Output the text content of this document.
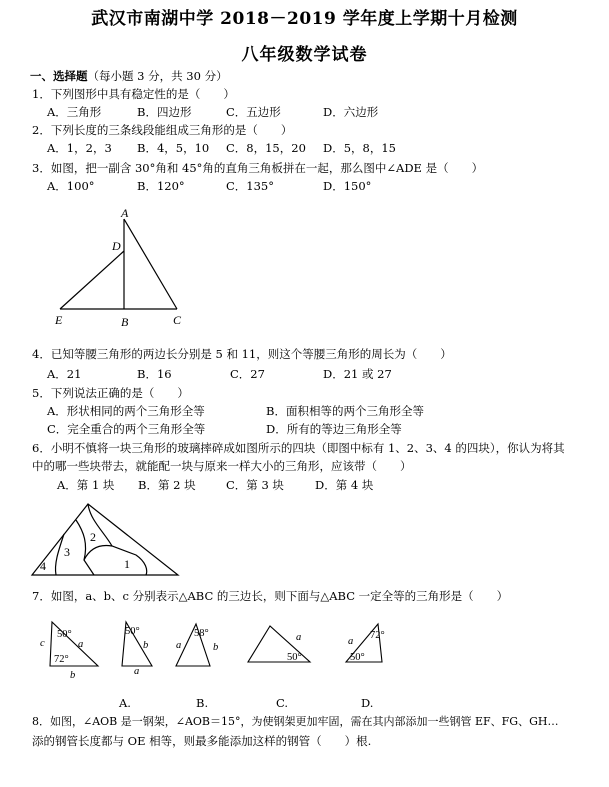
武汉市南湖中学 2018－2019 学年度上学期十月检测
八年级数学试卷
一、选择题（每小题 3 分，共 30 分）
1．下列图形中具有稳定性的是（　　）
A．三角形	B．四边形	C．五边形	D．六边形
2．下列长度的三条线段能组成三角形的是（　　）
A．1，2，3 B．4，5，10 C．8，15，20 D．5，8，15
3．如图，把一副含 30°角和 45°角的直角三角板拼在一起，那么图中∠ADE 是（　　）
A．100°	B．120°	C．135°	D．150°
A
D
E	B	C
4．已知等腰三角形的两边长分别是 5 和 11，则这个等腰三角形的周长为（　　）
A．21	B．16	C．27	D．21 或 27
5．下列说法正确的是（　　）
A．形状相同的两个三角形全等	B．面积相等的两个三角形全等
C．完全重合的两个三角形全等	D．所有的等边三角形全等
6．小明不慎将一块三角形的玻璃摔碎成如图所示的四块（即图中标有 1、2、3、4 的四块），你认为将其
中的哪一些块带去，就能配一块与原来一样大小的三角形，应该带（　　）
A．第 1 块 B．第 2 块	C．第 3 块	D．第 4 块
1
2
3
4
7．如图，a、b、c 分别表示△ABC 的三边长，则下面与△ABC 一定全等的三角形是（　　）
c
50°
a
72°
b
50°
b
a
58°
a	b
a
50°
72°
a
50°
A.	B.	C.	D.
8．如图，∠AOB 是一钢架，∠AOB＝15°，为使钢架更加牢固，需在其内部添加一些钢管 EF、FG、GH…
添的钢管长度都与 OE 相等，则最多能添加这样的钢管（　　）根.
